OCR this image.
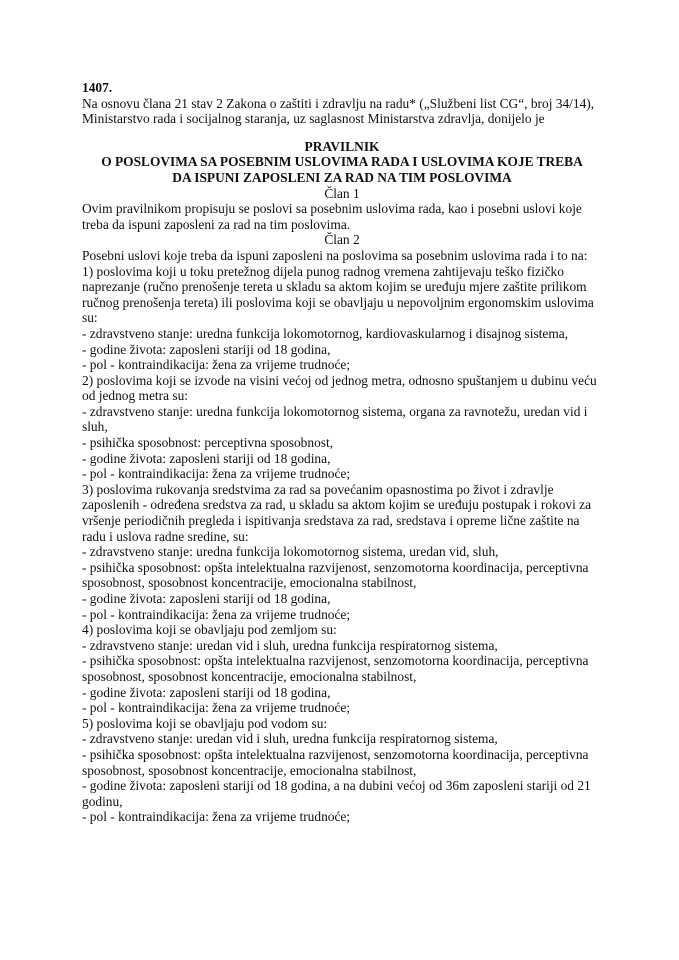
1407.

Na osnovu člana 21 stav 2 Zakona o zaštiti i zdravlju na radu* („Službeni list CG“, broj 34/14), Ministarstvo rada i socijalnog staranja, uz saglasnost Ministarstva zdravlja, donijelo je

PRAVILNIK
O POSLOVIMA SA POSEBNIM USLOVIMA RADA I USLOVIMA KOJE TREBA
DA ISPUNI ZAPOSLENI ZA RAD NA TIM POSLOVIMA

Član 1

Ovim pravilnikom propisuju se poslovi sa posebnim uslovima rada, kao i posebni uslovi koje treba da ispuni zaposleni za rad na tim poslovima.

Član 2

Posebni uslovi koje treba da ispuni zaposleni na poslovima sa posebnim uslovima rada i to na:

1) poslovima koji u toku pretežnog dijela punog radnog vremena zahtijevaju teško fizičko naprezanje (ručno prenošenje tereta u skladu sa aktom kojim se uređuju mjere zaštite prilikom ručnog prenošenja tereta) ili poslovima koji se obavljaju u nepovoljnim ergonomskim uslovima su:

- zdravstveno stanje: uredna funkcija lokomotornog, kardiovaskularnog i disajnog sistema,

- godine života: zaposleni stariji od 18 godina,

- pol - kontraindikacija: žena za vrijeme trudnoće;

2) poslovima koji se izvode na visini većoj od jednog metra, odnosno spuštanjem u dubinu veću od jednog metra su:

- zdravstveno stanje: uredna funkcija lokomotornog sistema, organa za ravnotežu, uredan vid i sluh,

- psihička sposobnost: perceptivna sposobnost,

- godine života: zaposleni stariji od 18 godina,

- pol - kontraindikacija: žena za vrijeme trudnoće;

3) poslovima rukovanja sredstvima za rad sa povećanim opasnostima po život i zdravlje zaposlenih - određena sredstva za rad, u skladu sa aktom kojim se uređuju postupak i rokovi za vršenje periodičnih pregleda i ispitivanja sredstava za rad, sredstava i opreme lične zaštite na radu i uslova radne sredine, su:

- zdravstveno stanje: uredna funkcija lokomotornog sistema, uredan vid, sluh,

- psihička sposobnost: opšta intelektualna razvijenost, senzomotorna koordinacija, perceptivna sposobnost, sposobnost koncentracije, emocionalna stabilnost,

- godine života: zaposleni stariji od 18 godina,

- pol - kontraindikacija: žena za vrijeme trudnoće;

4) poslovima koji se obavljaju pod zemljom su:

- zdravstveno stanje: uredan vid i sluh, uredna funkcija respiratornog sistema,

- psihička sposobnost: opšta intelektualna razvijenost, senzomotorna koordinacija, perceptivna sposobnost, sposobnost koncentracije, emocionalna stabilnost,

- godine života: zaposleni stariji od 18 godina,

- pol - kontraindikacija: žena za vrijeme trudnoće;

5) poslovima koji se obavljaju pod vodom su:

- zdravstveno stanje: uredan vid i sluh, uredna funkcija respiratornog sistema,

- psihička sposobnost: opšta intelektualna razvijenost, senzomotorna koordinacija, perceptivna sposobnost, sposobnost koncentracije, emocionalna stabilnost,

- godine života: zaposleni stariji od 18 godina, a na dubini većoj od 36m zaposleni stariji od 21 godinu,

- pol - kontraindikacija: žena za vrijeme trudnoće;
